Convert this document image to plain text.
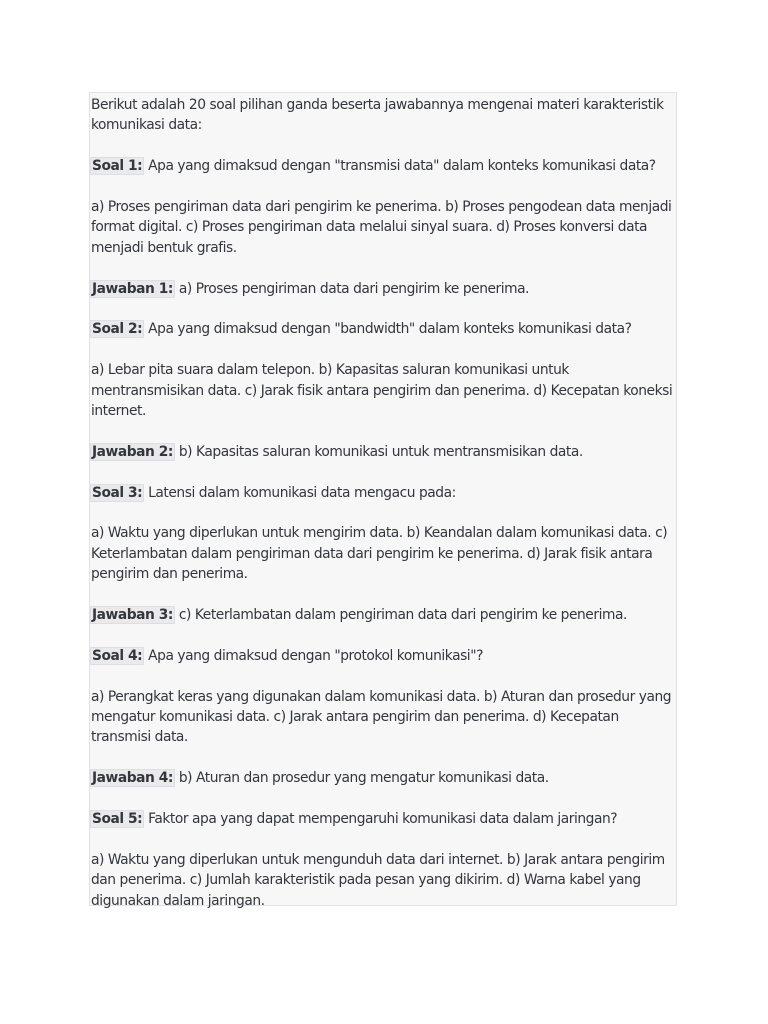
Berikut adalah 20 soal pilihan ganda beserta jawabannya mengenai materi karakteristik komunikasi data:

Soal 1: Apa yang dimaksud dengan "transmisi data" dalam konteks komunikasi data?

a) Proses pengiriman data dari pengirim ke penerima. b) Proses pengodean data menjadi format digital. c) Proses pengiriman data melalui sinyal suara. d) Proses konversi data menjadi bentuk grafis.

Jawaban 1: a) Proses pengiriman data dari pengirim ke penerima.

Soal 2: Apa yang dimaksud dengan "bandwidth" dalam konteks komunikasi data?

a) Lebar pita suara dalam telepon. b) Kapasitas saluran komunikasi untuk mentransmisikan data. c) Jarak fisik antara pengirim dan penerima. d) Kecepatan koneksi internet.

Jawaban 2: b) Kapasitas saluran komunikasi untuk mentransmisikan data.

Soal 3: Latensi dalam komunikasi data mengacu pada:

a) Waktu yang diperlukan untuk mengirim data. b) Keandalan dalam komunikasi data. c) Keterlambatan dalam pengiriman data dari pengirim ke penerima. d) Jarak fisik antara pengirim dan penerima.

Jawaban 3: c) Keterlambatan dalam pengiriman data dari pengirim ke penerima.

Soal 4: Apa yang dimaksud dengan "protokol komunikasi"?

a) Perangkat keras yang digunakan dalam komunikasi data. b) Aturan dan prosedur yang mengatur komunikasi data. c) Jarak antara pengirim dan penerima. d) Kecepatan transmisi data.

Jawaban 4: b) Aturan dan prosedur yang mengatur komunikasi data.

Soal 5: Faktor apa yang dapat mempengaruhi komunikasi data dalam jaringan?

a) Waktu yang diperlukan untuk mengunduh data dari internet. b) Jarak antara pengirim dan penerima. c) Jumlah karakteristik pada pesan yang dikirim. d) Warna kabel yang digunakan dalam jaringan.
